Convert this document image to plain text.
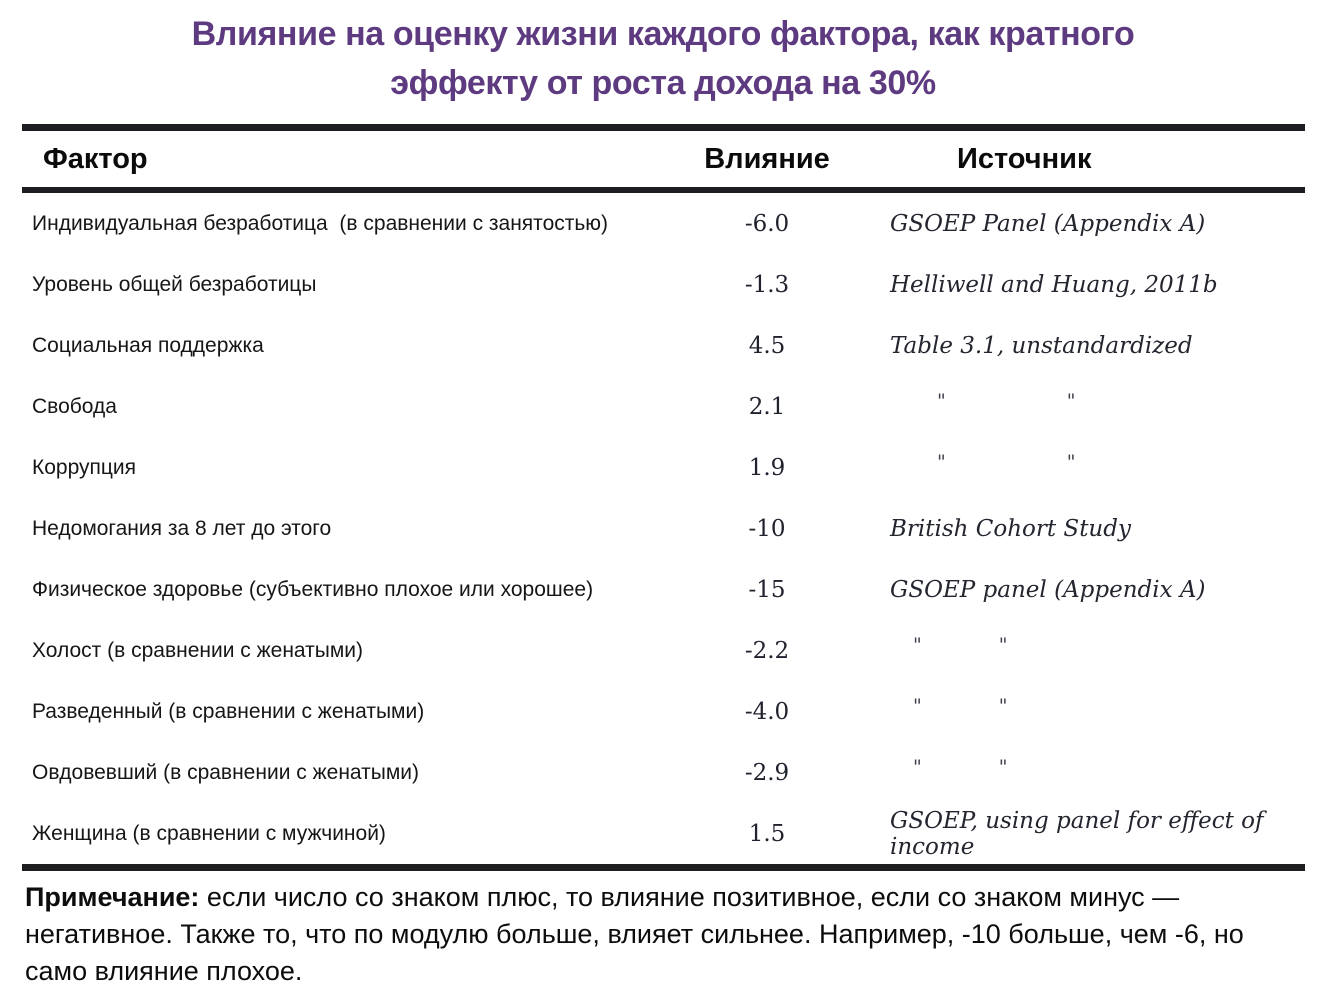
Влияние на оценку жизни каждого фактора, как кратного
эффекту от роста дохода на 30%
Фактор	Влияние	Источник
Индивидуальная безработица  (в сравнении с занятостью)	-6.0	GSOEP Panel (Appendix A)
Уровень общей безработицы	-1.3	Helliwell and Huang, 2011b
Социальная поддержка	4.5	Table 3.1, unstandardized
Свобода	2.1	"	"
Коррупция	1.9	"	"
Недомогания за 8 лет до этого	-10	British Cohort Study
Физическое здоровье (субъективно плохое или хорошее)	-15	GSOEP panel (Appendix A)
Холост (в сравнении с женатыми)	-2.2	"	"
Разведенный (в сравнении с женатыми)	-4.0	"	"
Овдовевший (в сравнении с женатыми)	-2.9	"	"
Женщина (в сравнении с мужчиной)	1.5	GSOEP, using panel for effect of income

Примечание: если число со знаком плюс, то влияние позитивное, если со знаком минус — негативное. Также то, что по модулю больше, влияет сильнее. Например, -10 больше, чем -6, но само влияние плохое.
